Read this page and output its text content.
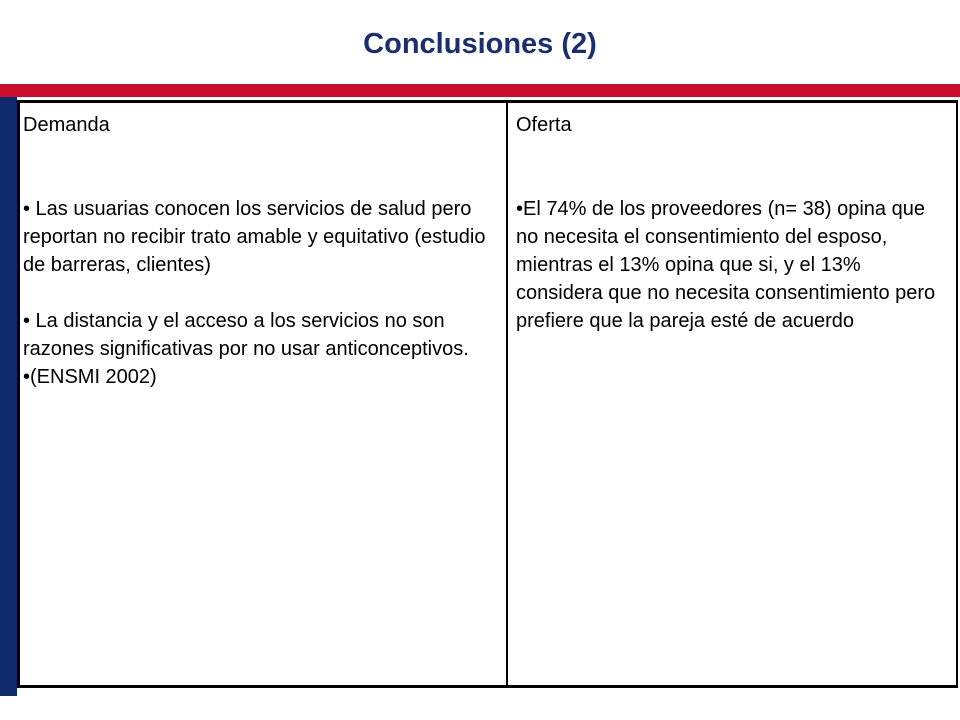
Conclusiones (2)

Demanda

• Las usuarias conocen los servicios de salud pero reportan no recibir trato amable y equitativo (estudio de barreras, clientes)

• La distancia y el acceso a los servicios no son razones significativas por no usar anticonceptivos.

•(ENSMI 2002)

Oferta

•El 74% de los proveedores (n= 38) opina que no necesita el consentimiento del esposo, mientras el 13% opina que si, y el 13% considera que no necesita consentimiento pero prefiere que la pareja esté de acuerdo
